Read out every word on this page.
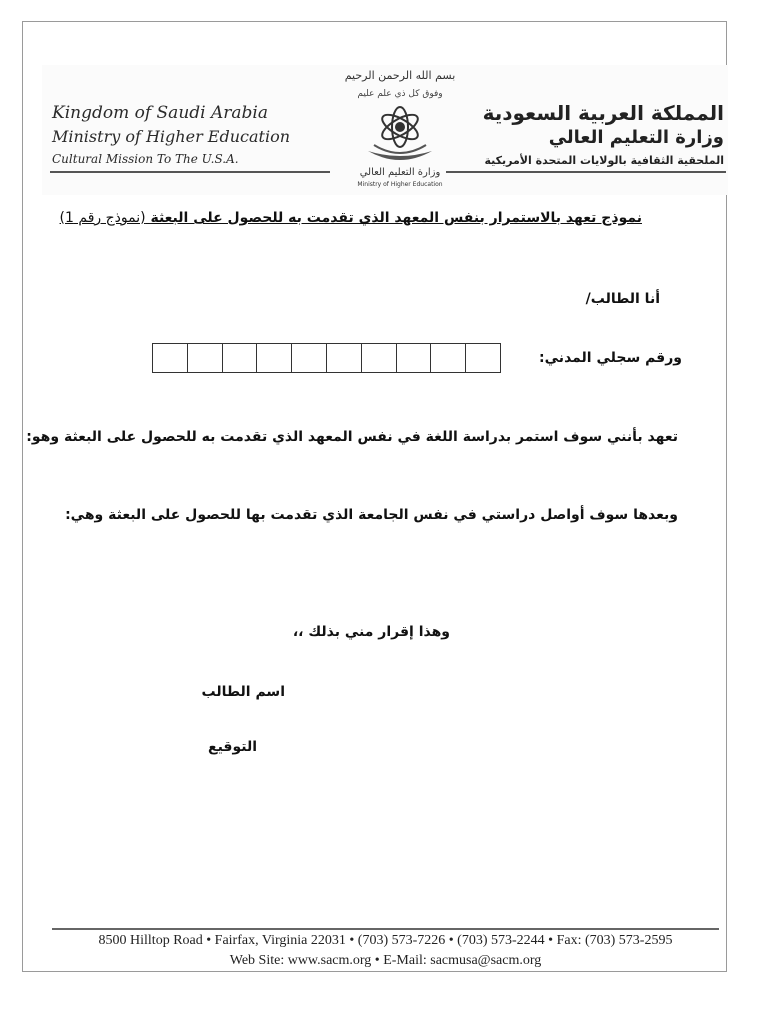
Kingdom of Saudi Arabia
Ministry of Higher Education
Cultural Mission To The U.S.A.
بسم الله الرحمن الرحيم
وفوق كل ذي علم عليم
وزارة التعليم العالي
Ministry of Higher Education
المملكة العربية السعودية
وزارة التعليم العالي
الملحقية الثقافية بالولايات المتحدة الأمريكية
نموذج تعهد بالاستمرار بنفس المعهد الذي تقدمت به للحصول على البعثة (نموذج رقم 1)
أنا الطالب/
ورقم سجلي المدني:
تعهد بأنني سوف استمر بدراسة اللغة في نفس المعهد الذي تقدمت به للحصول على البعثة وهو:
وبعدها سوف أواصل دراستي في نفس الجامعة الذي تقدمت بها للحصول على البعثة وهي:
وهذا إقرار مني بذلك ،،
اسم الطالب
التوقيع
8500 Hilltop Road • Fairfax, Virginia 22031 • (703) 573-7226 • (703) 573-2244 • Fax: (703) 573-2595
Web Site: www.sacm.org • E-Mail: sacmusa@sacm.org
